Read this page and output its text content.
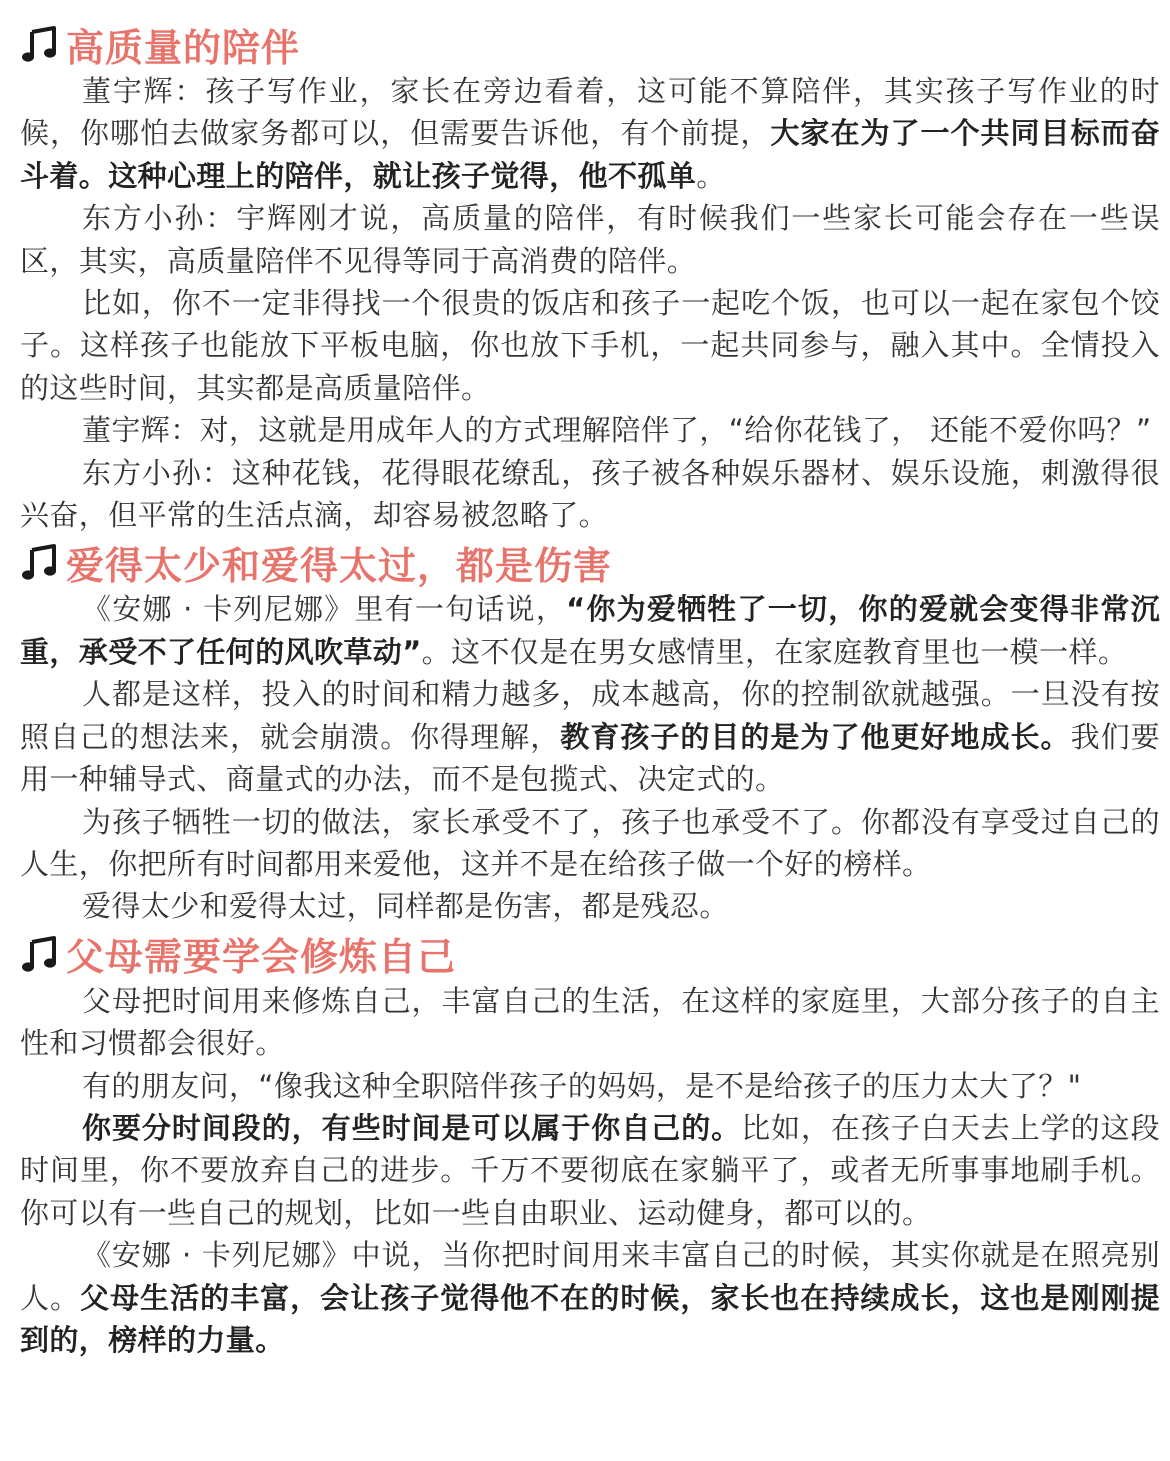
高质量的陪伴

董宇辉：孩子写作业，家长在旁边看着，这可能不算陪伴，其实孩子写作业的时候，你哪怕去做家务都可以，但需要告诉他，有个前提，大家在为了一个共同目标而奋斗着。这种心理上的陪伴，就让孩子觉得，他不孤单。

东方小孙：宇辉刚才说，高质量的陪伴，有时候我们一些家长可能会存在一些误区，其实，高质量陪伴不见得等同于高消费的陪伴。

比如，你不一定非得找一个很贵的饭店和孩子一起吃个饭，也可以一起在家包个饺子。这样孩子也能放下平板电脑，你也放下手机，一起共同参与，融入其中。全情投入的这些时间，其实都是高质量陪伴。

董宇辉：对，这就是用成年人的方式理解陪伴了，“给你花钱了， 还能不爱你吗？”

东方小孙：这种花钱，花得眼花缭乱，孩子被各种娱乐器材、娱乐设施，刺激得很兴奋，但平常的生活点滴，却容易被忽略了。

爱得太少和爱得太过，都是伤害

《安娜 · 卡列尼娜》里有一句话说，“你为爱牺牲了一切，你的爱就会变得非常沉重，承受不了任何的风吹草动”。这不仅是在男女感情里，在家庭教育里也一模一样。

人都是这样，投入的时间和精力越多，成本越高，你的控制欲就越强。一旦没有按照自己的想法来，就会崩溃。你得理解，教育孩子的目的是为了他更好地成长。我们要用一种辅导式、商量式的办法，而不是包揽式、决定式的。

为孩子牺牲一切的做法，家长承受不了，孩子也承受不了。你都没有享受过自己的人生，你把所有时间都用来爱他，这并不是在给孩子做一个好的榜样。

爱得太少和爱得太过，同样都是伤害，都是残忍。

父母需要学会修炼自己

父母把时间用来修炼自己，丰富自己的生活，在这样的家庭里，大部分孩子的自主性和习惯都会很好。

有的朋友问，“像我这种全职陪伴孩子的妈妈，是不是给孩子的压力太大了？"

你要分时间段的，有些时间是可以属于你自己的。比如，在孩子白天去上学的这段时间里，你不要放弃自己的进步。千万不要彻底在家躺平了，或者无所事事地刷手机。你可以有一些自己的规划，比如一些自由职业、运动健身，都可以的。

《安娜 · 卡列尼娜》中说，当你把时间用来丰富自己的时候，其实你就是在照亮别人。父母生活的丰富，会让孩子觉得他不在的时候，家长也在持续成长，这也是刚刚提到的，榜样的力量。
